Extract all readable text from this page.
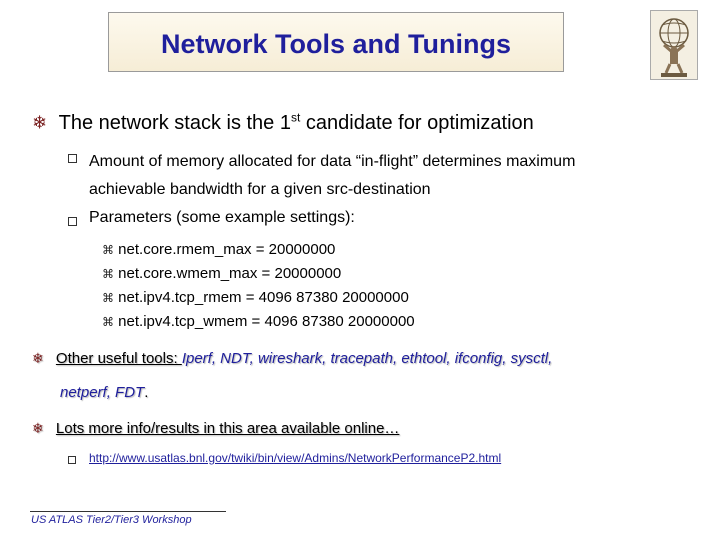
Network Tools and Tunings
❄ The network stack is the 1st candidate for optimization
Amount of memory allocated for data “in-flight” determines maximum
achievable bandwidth for a given src-destination
Parameters (some example settings):
⌘ net.core.rmem_max = 20000000
⌘ net.core.wmem_max = 20000000
⌘ net.ipv4.tcp_rmem = 4096 87380 20000000
⌘ net.ipv4.tcp_wmem = 4096 87380 20000000
❄ Other useful tools: Iperf, NDT, wireshark, tracepath, ethtool, ifconfig, sysctl,
netperf, FDT.
❄ Lots more info/results in this area available online…
http://www.usatlas.bnl.gov/twiki/bin/view/Admins/NetworkPerformanceP2.html
US ATLAS Tier2/Tier3 Workshop
